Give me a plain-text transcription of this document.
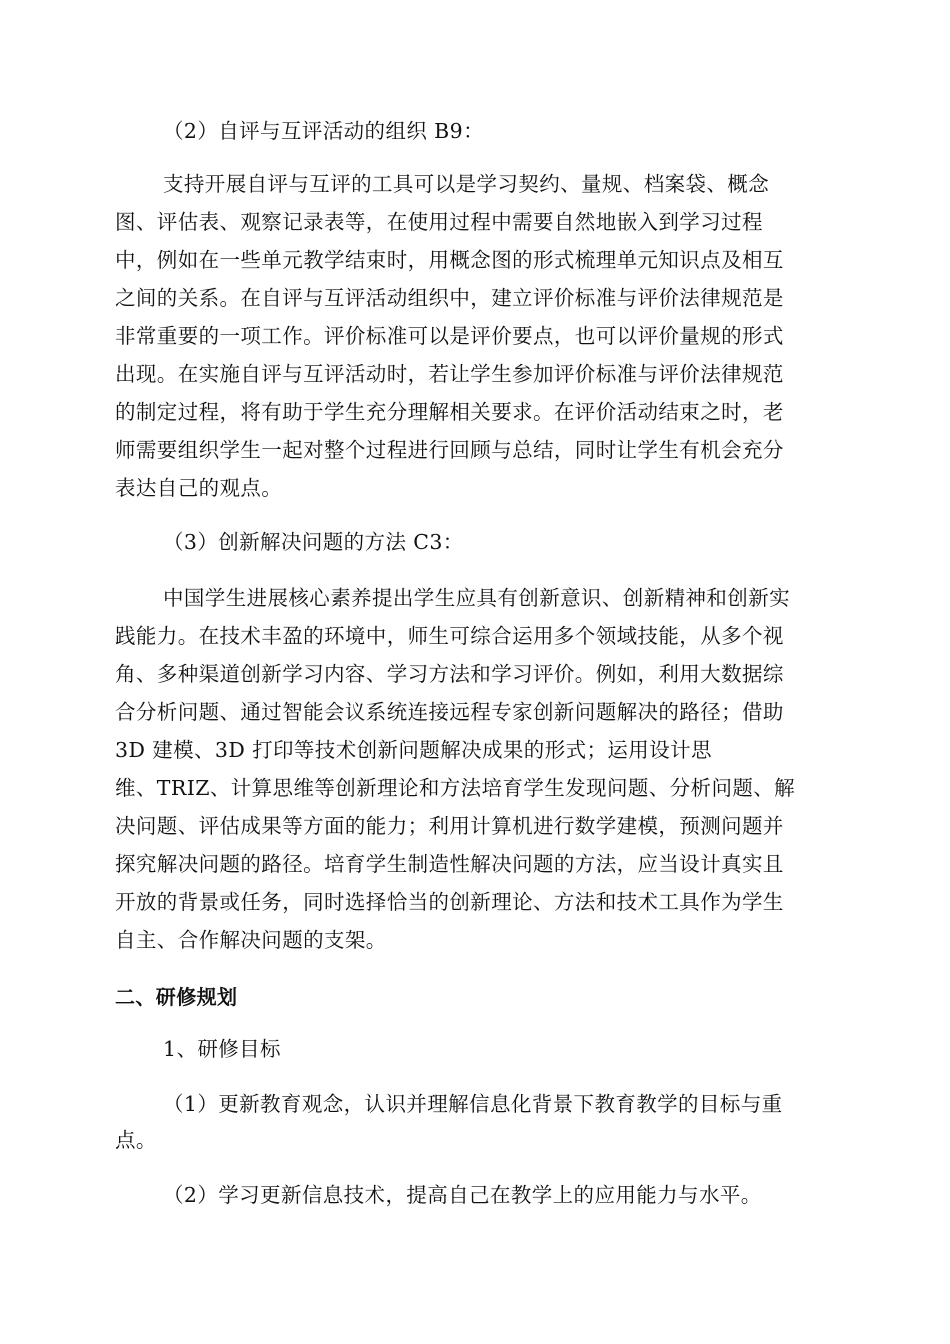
（2）自评与互评活动的组织 B9：
支持开展自评与互评的工具可以是学习契约、量规、档案袋、概念
图、评估表、观察记录表等，在使用过程中需要自然地嵌入到学习过程
中，例如在一些单元教学结束时，用概念图的形式梳理单元知识点及相互
之间的关系。在自评与互评活动组织中，建立评价标准与评价法律规范是
非常重要的一项工作。评价标准可以是评价要点，也可以评价量规的形式
出现。在实施自评与互评活动时，若让学生参加评价标准与评价法律规范
的制定过程，将有助于学生充分理解相关要求。在评价活动结束之时，老
师需要组织学生一起对整个过程进行回顾与总结，同时让学生有机会充分
表达自己的观点。
（3）创新解决问题的方法 C3：
中国学生进展核心素养提出学生应具有创新意识、创新精神和创新实
践能力。在技术丰盈的环境中，师生可综合运用多个领域技能，从多个视
角、多种渠道创新学习内容、学习方法和学习评价。例如，利用大数据综
合分析问题、通过智能会议系统连接远程专家创新问题解决的路径；借助
3D 建模、3D 打印等技术创新问题解决成果的形式；运用设计思
维、TRIZ、计算思维等创新理论和方法培育学生发现问题、分析问题、解
决问题、评估成果等方面的能力；利用计算机进行数学建模，预测问题并
探究解决问题的路径。培育学生制造性解决问题的方法，应当设计真实且
开放的背景或任务，同时选择恰当的创新理论、方法和技术工具作为学生
自主、合作解决问题的支架。
二、研修规划
1、研修目标
（1）更新教育观念，认识并理解信息化背景下教育教学的目标与重
点。
（2）学习更新信息技术，提高自己在教学上的应用能力与水平。
